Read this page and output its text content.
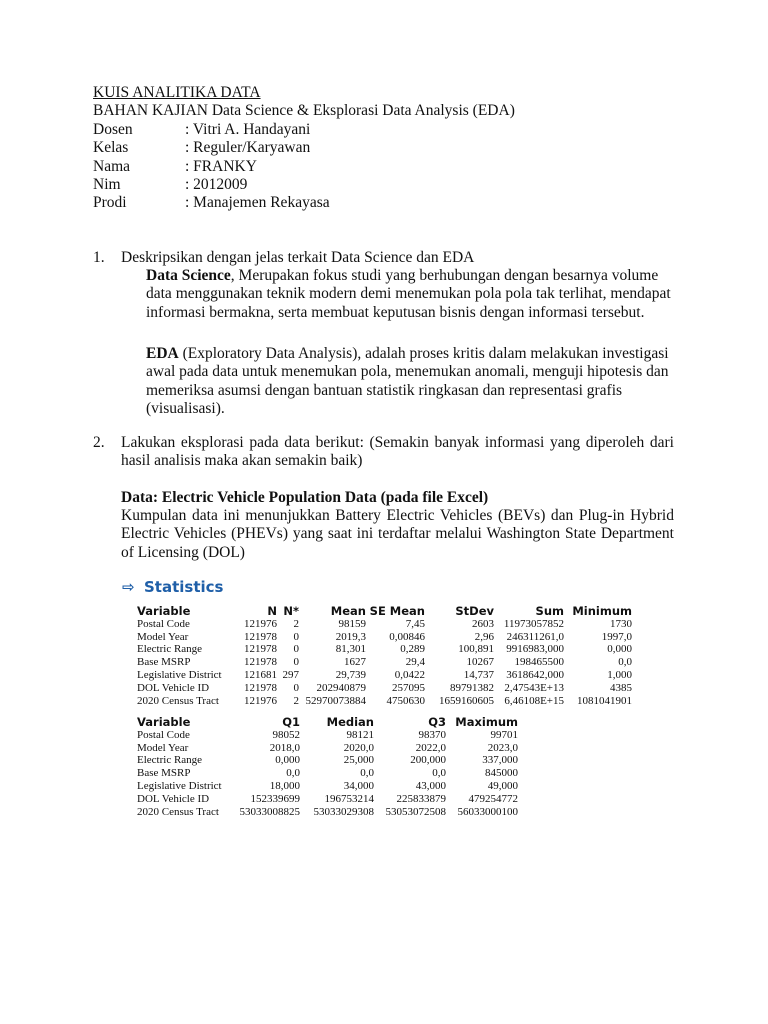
KUIS ANALITIKA DATA
BAHAN KAJIAN Data Science & Eksplorasi Data Analysis (EDA)
Dosen	: Vitri A. Handayani
Kelas	: Reguler/Karyawan
Nama	: FRANKY
Nim	: 2012009
Prodi	: Manajemen Rekayasa
1. Deskripsikan dengan jelas terkait Data Science dan EDA
Data Science, Merupakan fokus studi yang berhubungan dengan besarnya volume data menggunakan teknik modern demi menemukan pola pola tak terlihat, mendapat informasi bermakna, serta membuat keputusan bisnis dengan informasi tersebut.
EDA (Exploratory Data Analysis), adalah proses kritis dalam melakukan investigasi awal pada data untuk menemukan pola, menemukan anomali, menguji hipotesis dan memeriksa asumsi dengan bantuan statistik ringkasan dan representasi grafis (visualisasi).
2. Lakukan eksplorasi pada data berikut: (Semakin banyak informasi yang diperoleh dari hasil analisis maka akan semakin baik)
Data: Electric Vehicle Population Data (pada file Excel)
Kumpulan data ini menunjukkan Battery Electric Vehicles (BEVs) dan Plug-in Hybrid Electric Vehicles (PHEVs) yang saat ini terdaftar melalui Washington State Department of Licensing (DOL)
⇨ Statistics
Variable	N	N*	Mean	SE Mean	StDev	Sum	Minimum
Postal Code	121976	2	98159	7,45	2603	11973057852	1730
Model Year	121978	0	2019,3	0,00846	2,96	246311261,0	1997,0
Electric Range	121978	0	81,301	0,289	100,891	9916983,000	0,000
Base MSRP	121978	0	1627	29,4	10267	198465500	0,0
Legislative District	121681	297	29,739	0,0422	14,737	3618642,000	1,000
DOL Vehicle ID	121978	0	202940879	257095	89791382	2,47543E+13	4385
2020 Census Tract	121976	2	52970073884	4750630	1659160605	6,46108E+15	1081041901
Variable	Q1	Median	Q3	Maximum
Postal Code	98052	98121	98370	99701
Model Year	2018,0	2020,0	2022,0	2023,0
Electric Range	0,000	25,000	200,000	337,000
Base MSRP	0,0	0,0	0,0	845000
Legislative District	18,000	34,000	43,000	49,000
DOL Vehicle ID	152339699	196753214	225833879	479254772
2020 Census Tract	53033008825	53033029308	53053072508	56033000100
